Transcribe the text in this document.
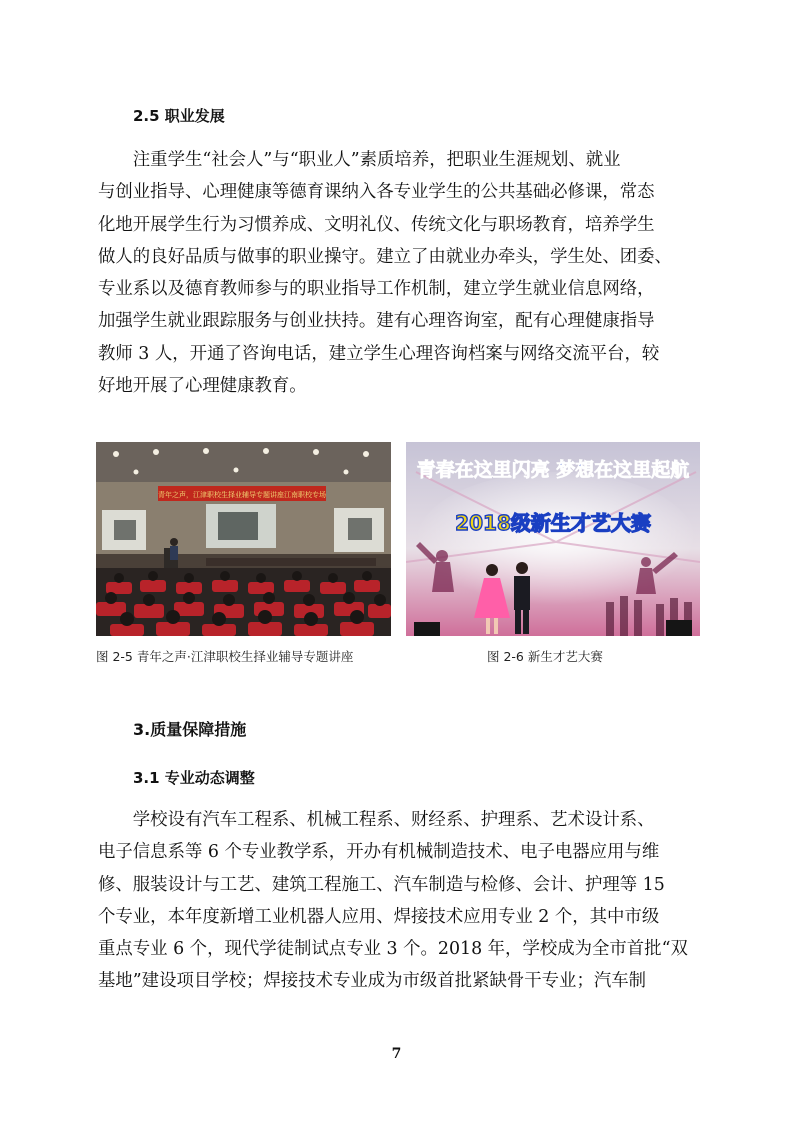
2.5 职业发展
　　注重学生“社会人”与“职业人”素质培养，把职业生涯规划、就业
与创业指导、心理健康等德育课纳入各专业学生的公共基础必修课，常态
化地开展学生行为习惯养成、文明礼仪、传统文化与职场教育，培养学生
做人的良好品质与做事的职业操守。建立了由就业办牵头，学生处、团委、
专业系以及德育教师参与的职业指导工作机制，建立学生就业信息网络，
加强学生就业跟踪服务与创业扶持。建有心理咨询室，配有心理健康指导
教师 3 人，开通了咨询电话，建立学生心理咨询档案与网络交流平台，较
好地开展了心理健康教育。
青年之声，江津职校生择业辅导专题讲座江南职校专场
青春在这里闪亮 梦想在这里起航
2018级新生才艺大赛
图 2-5 青年之声·江津职校生择业辅导专题讲座	图 2-6 新生才艺大赛
3.质量保障措施
3.1 专业动态调整
　　学校设有汽车工程系、机械工程系、财经系、护理系、艺术设计系、
电子信息系等 6 个专业教学系，开办有机械制造技术、电子电器应用与维
修、服装设计与工艺、建筑工程施工、汽车制造与检修、会计、护理等 15
个专业，本年度新增工业机器人应用、焊接技术应用专业 2 个，其中市级
重点专业 6 个，现代学徒制试点专业 3 个。2018 年，学校成为全市首批“双
基地”建设项目学校；焊接技术专业成为市级首批紧缺骨干专业；汽车制
7
